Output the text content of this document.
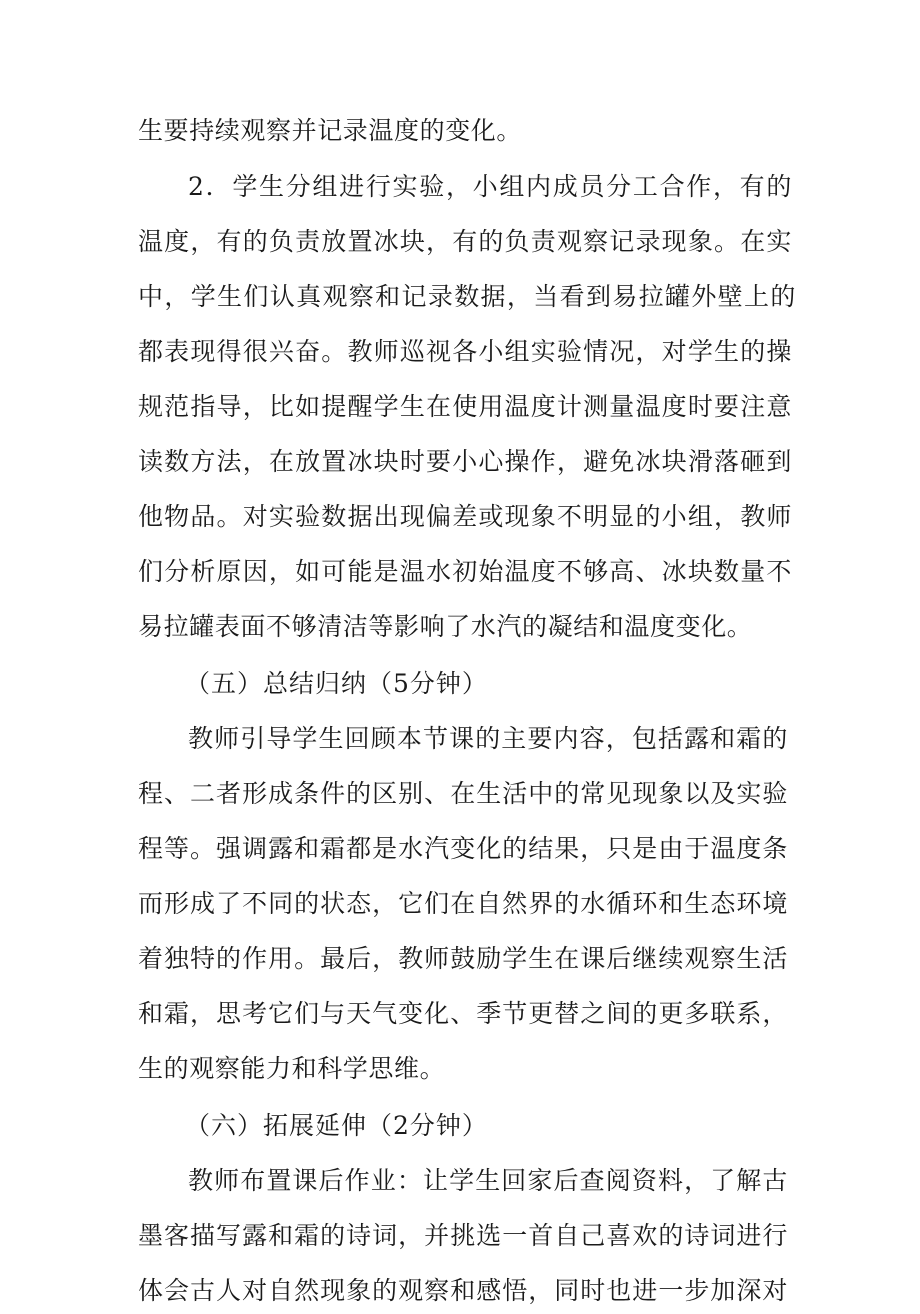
生要持续观察并记录温度的变化。
2．学生分组进行实验，小组内成员分工合作，有的
温度，有的负责放置冰块，有的负责观察记录现象。在实
中，学生们认真观察和记录数据，当看到易拉罐外壁上的
都表现得很兴奋。教师巡视各小组实验情况，对学生的操
规范指导，比如提醒学生在使用温度计测量温度时要注意
读数方法，在放置冰块时要小心操作，避免冰块滑落砸到
他物品。对实验数据出现偏差或现象不明显的小组，教师
们分析原因，如可能是温水初始温度不够高、冰块数量不
易拉罐表面不够清洁等影响了水汽的凝结和温度变化。
（五）总结归纳（5分钟）
教师引导学生回顾本节课的主要内容，包括露和霜的
程、二者形成条件的区别、在生活中的常见现象以及实验
程等。强调露和霜都是水汽变化的结果，只是由于温度条
而形成了不同的状态，它们在自然界的水循环和生态环境
着独特的作用。最后，教师鼓励学生在课后继续观察生活
和霜，思考它们与天气变化、季节更替之间的更多联系，
生的观察能力和科学思维。
（六）拓展延伸（2分钟）
教师布置课后作业：让学生回家后查阅资料，了解古
墨客描写露和霜的诗词，并挑选一首自己喜欢的诗词进行
体会古人对自然现象的观察和感悟，同时也进一步加深对
